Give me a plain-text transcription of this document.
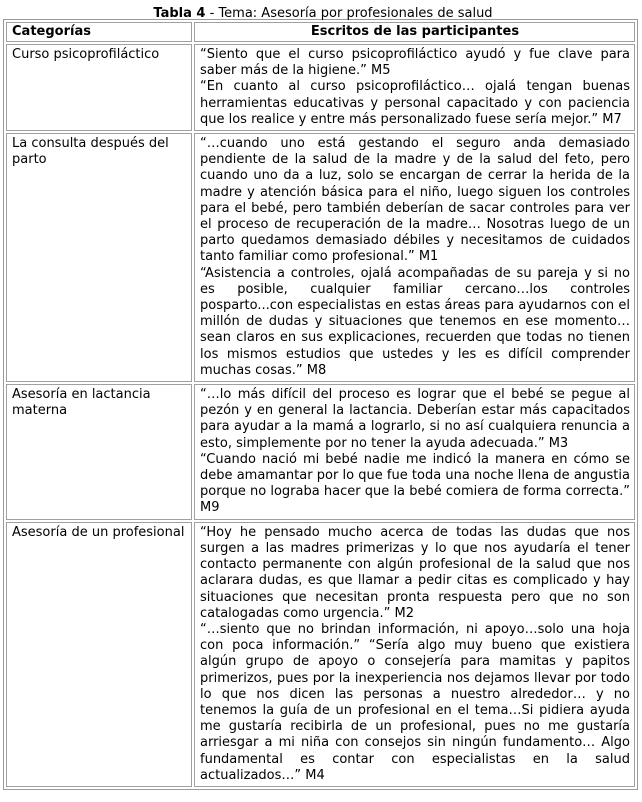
Tabla 4 - Tema: Asesoría por profesionales de salud
Categorías	Escritos de las participantes
Curso psicoprofiláctico	“Siento que el curso psicoprofiláctico ayudó y fue clave para saber más de la higiene.” M5
“En cuanto al curso psicoprofiláctico… ojalá tengan buenas herramientas educativas y personal capacitado y con paciencia que los realice y entre más personalizado fuese sería mejor.” M7

La consulta después del parto	“…cuando uno está gestando el seguro anda demasiado pendiente de la salud de la madre y de la salud del feto, pero cuando uno da a luz, solo se encargan de cerrar la herida de la madre y atención básica para el niño, luego siguen los controles para el bebé, pero también deberían de sacar controles para ver el proceso de recuperación de la madre… Nosotras luego de un parto quedamos demasiado débiles y necesitamos de cuidados tanto familiar como profesional.” M1
“Asistencia a controles, ojalá acompañadas de su pareja y si no es posible, cualquier familiar cercano…los controles posparto...con especialistas en estas áreas para ayudarnos con el millón de dudas y situaciones que tenemos en ese momento…sean claros en sus explicaciones, recuerden que todas no tienen los mismos estudios que ustedes y les es difícil comprender muchas cosas.” M8

Asesoría en lactancia materna	“…lo más difícil del proceso es lograr que el bebé se pegue al pezón y en general la lactancia. Deberían estar más capacitados para ayudar a la mamá a lograrlo, si no así cualquiera renuncia a esto, simplemente por no tener la ayuda adecuada.” M3
“Cuando nació mi bebé nadie me indicó la manera en cómo se debe amamantar por lo que fue toda una noche llena de angustia porque no lograba hacer que la bebé comiera de forma correcta.” M9

Asesoría de un profesional	“Hoy he pensado mucho acerca de todas las dudas que nos surgen a las madres primerizas y lo que nos ayudaría el tener contacto permanente con algún profesional de la salud que nos aclarara dudas, es que llamar a pedir citas es complicado y hay situaciones que necesitan pronta respuesta pero que no son catalogadas como urgencia.” M2
“…siento que no brindan información, ni apoyo…solo una hoja con poca información.” “Sería algo muy bueno que existiera algún grupo de apoyo o consejería para mamitas y papitos primerizos, pues por la inexperiencia nos dejamos llevar por todo lo que nos dicen las personas a nuestro alrededor… y no tenemos la guía de un profesional en el tema…Si pidiera ayuda me gustaría recibirla de un profesional, pues no me gustaría arriesgar a mi niña con consejos sin ningún fundamento… Algo fundamental es contar con especialistas en la salud actualizados…” M4
